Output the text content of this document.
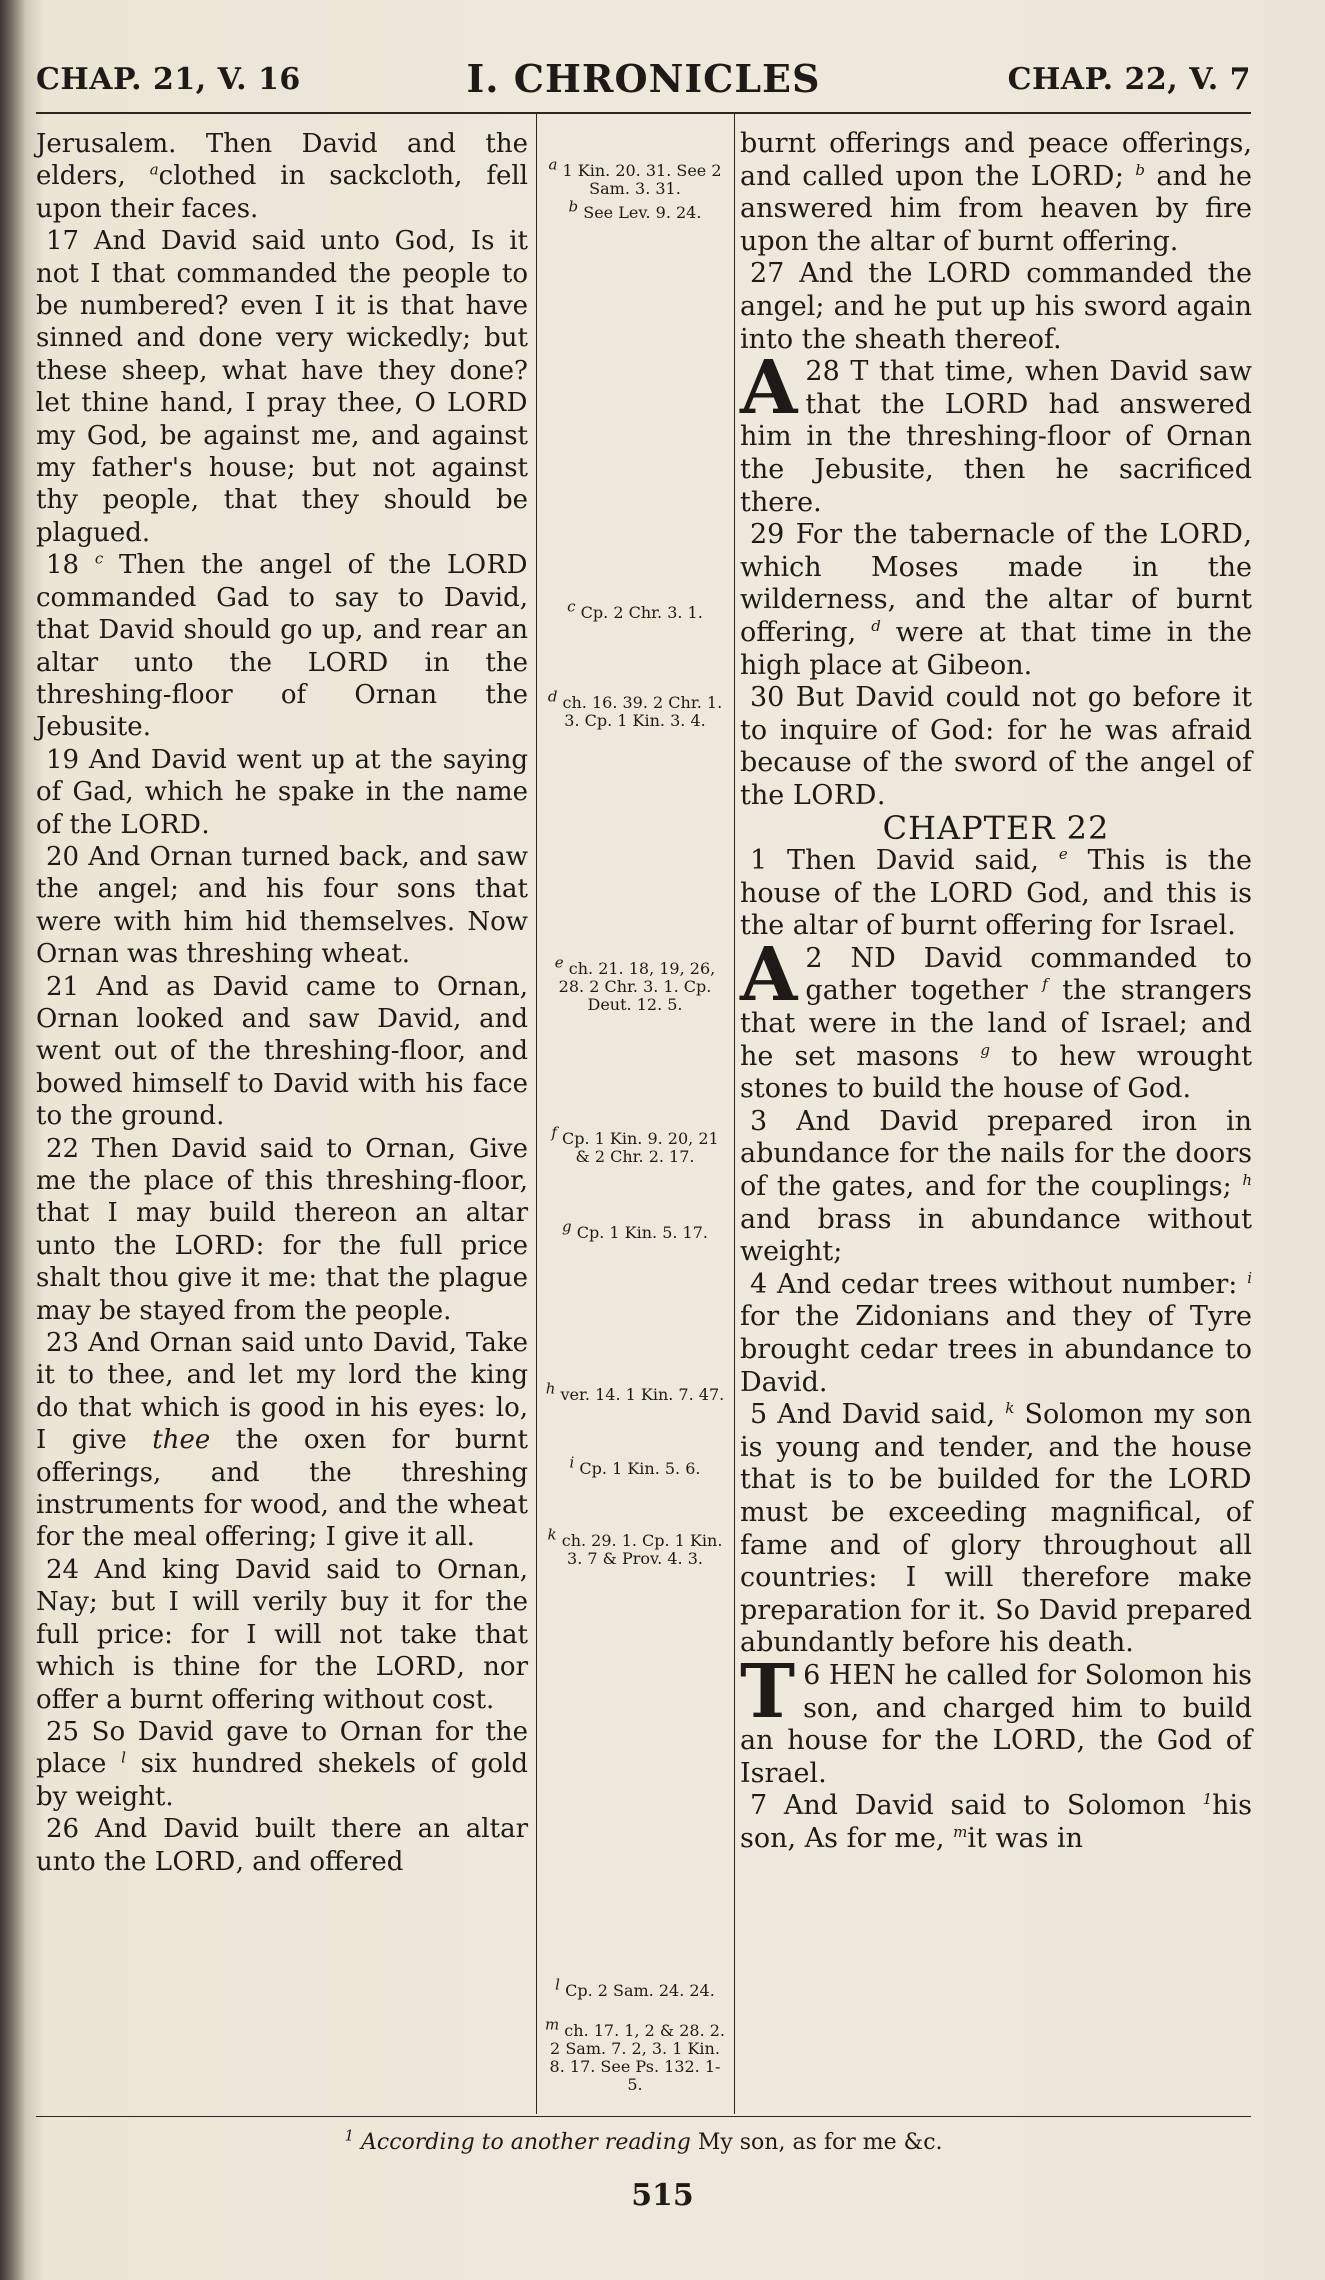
CHAP. 21, V. 16	I. CHRONICLES	CHAP. 22, V. 7

Jerusalem. Then David and the elders, $^a$clothed in sackcloth, fell upon their faces.

17 And David said unto God, Is it not I that commanded the people to be numbered? even I it is that have sinned and done very wickedly; but these sheep, what have they done? let thine hand, I pray thee, O LORD my God, be against me, and against my father's house; but not against thy people, that they should be plagued.

18 $^c$ Then the angel of the LORD commanded Gad to say to David, that David should go up, and rear an altar unto the LORD in the threshing-floor of Ornan the Jebusite.

19 And David went up at the saying of Gad, which he spake in the name of the LORD.

20 And Ornan turned back, and saw the angel; and his four sons that were with him hid themselves. Now Ornan was threshing wheat.

21 And as David came to Ornan, Ornan looked and saw David, and went out of the threshing-floor, and bowed himself to David with his face to the ground.

22 Then David said to Ornan, Give me the place of this threshing-floor, that I may build thereon an altar unto the LORD: for the full price shalt thou give it me: that the plague may be stayed from the people.

23 And Ornan said unto David, Take it to thee, and let my lord the king do that which is good in his eyes: lo, I give thee the oxen for burnt offerings, and the threshing instruments for wood, and the wheat for the meal offering; I give it all.

24 And king David said to Ornan, Nay; but I will verily buy it for the full price: for I will not take that which is thine for the LORD, nor offer a burnt offering without cost.

25 So David gave to Ornan for the place $^l$ six hundred shekels of gold by weight.

26 And David built there an altar unto the LORD, and offered

a 1 Kin. 20. 31. See 2 Sam. 3. 31.
b See Lev. 9. 24.
c Cp. 2 Chr. 3. 1.
d ch. 16. 39. 2 Chr. 1. 3. Cp. 1 Kin. 3. 4.
e ch. 21. 18, 19, 26, 28. 2 Chr. 3. 1. Cp. Deut. 12. 5.
f Cp. 1 Kin. 9. 20, 21 & 2 Chr. 2. 17.
g Cp. 1 Kin. 5. 17.
h ver. 14. 1 Kin. 7. 47.
i Cp. 1 Kin. 5. 6.
k ch. 29. 1. Cp. 1 Kin. 3. 7 & Prov. 4. 3.
l Cp. 2 Sam. 24. 24.
m ch. 17. 1, 2 & 28. 2. 2 Sam. 7. 2, 3. 1 Kin. 8. 17. See Ps. 132. 1-5.

burnt offerings and peace offerings, and called upon the LORD; $^b$ and he answered him from heaven by fire upon the altar of burnt offering.

27 And the LORD commanded the angel; and he put up his sword again into the sheath thereof.

28
A T that time, when David saw that the LORD had answered him in the threshing-floor of Ornan the Jebusite, then he sacrificed there.

29 For the tabernacle of the LORD, which Moses made in the wilderness, and the altar of burnt offering, $^d$ were at that time in the high place at Gibeon.

30 But David could not go before it to inquire of God: for he was afraid because of the sword of the angel of the LORD.

CHAPTER 22

1 Then David said, $^e$ This is the house of the LORD God, and this is the altar of burnt offering for Israel.

2
A ND David commanded to gather together $^f$ the strangers that were in the land of Israel; and he set masons $^g$ to hew wrought stones to build the house of God.

3 And David prepared iron in abundance for the nails for the doors of the gates, and for the couplings; $^h$ and brass in abundance without weight;

4 And cedar trees without number: $^i$ for the Zidonians and they of Tyre brought cedar trees in abundance to David.

5 And David said, $^k$ Solomon my son is young and tender, and the house that is to be builded for the LORD must be exceeding magnifical, of fame and of glory throughout all countries: I will therefore make preparation for it. So David prepared abundantly before his death.

6
T HEN he called for Solomon his son, and charged him to build an house for the LORD, the God of Israel.

7 And David said to Solomon $^1$his son, As for me, $^m$it was in

$^1$ According to another reading My son, as for me &c.
515
